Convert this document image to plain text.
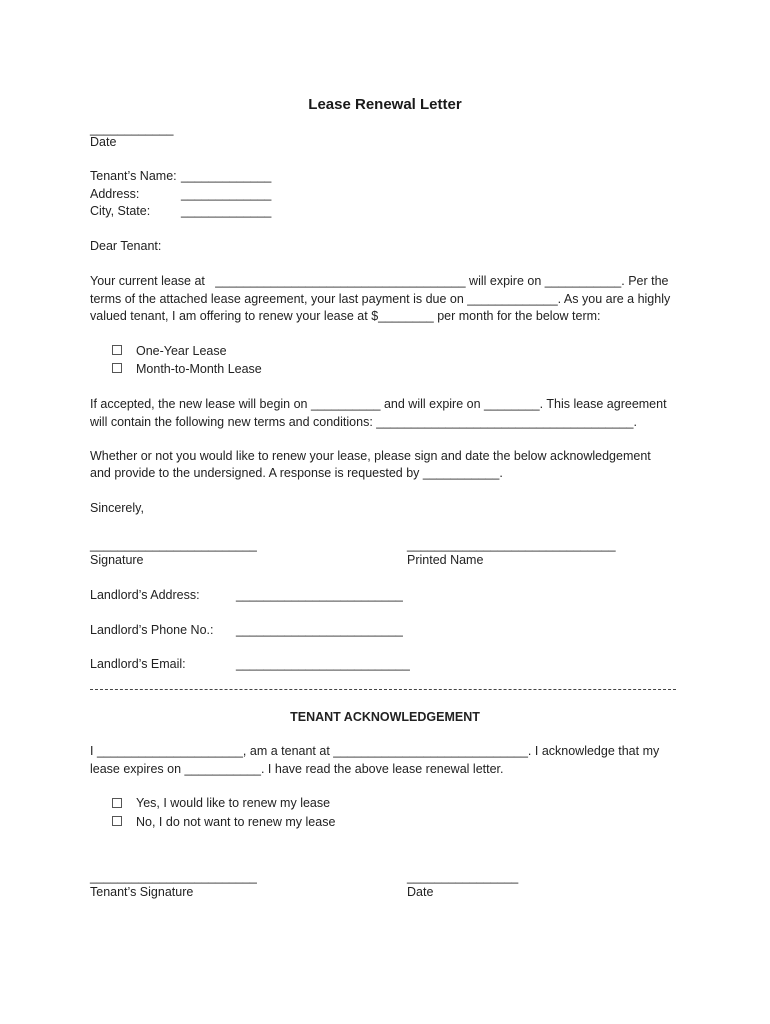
Lease Renewal Letter
____________
Date
Tenant’s Name: _____________
Address:	_____________
City, State: _____________
Dear Tenant:
Your current lease at   ____________________________________ will expire on ___________. Per the
terms of the attached lease agreement, your last payment is due on _____________. As you are a highly
valued tenant, I am offering to renew your lease at $________ per month for the below term:
One-Year Lease
Month-to-Month Lease
If accepted, the new lease will begin on __________ and will expire on ________. This lease agreement
will contain the following new terms and conditions: _____________________________________.
Whether or not you would like to renew your lease, please sign and date the below acknowledgement
and provide to the undersigned. A response is requested by ___________.
Sincerely,
________________________
Signature
______________________________
Printed Name
Landlord’s Address:	________________________
Landlord’s Phone No.: ________________________
Landlord’s Email:	_________________________
TENANT ACKNOWLEDGEMENT
I _____________________, am a tenant at ____________________________. I acknowledge that my
lease expires on ___________. I have read the above lease renewal letter.
Yes, I would like to renew my lease
No, I do not want to renew my lease
________________________
Tenant’s Signature
________________
Date
